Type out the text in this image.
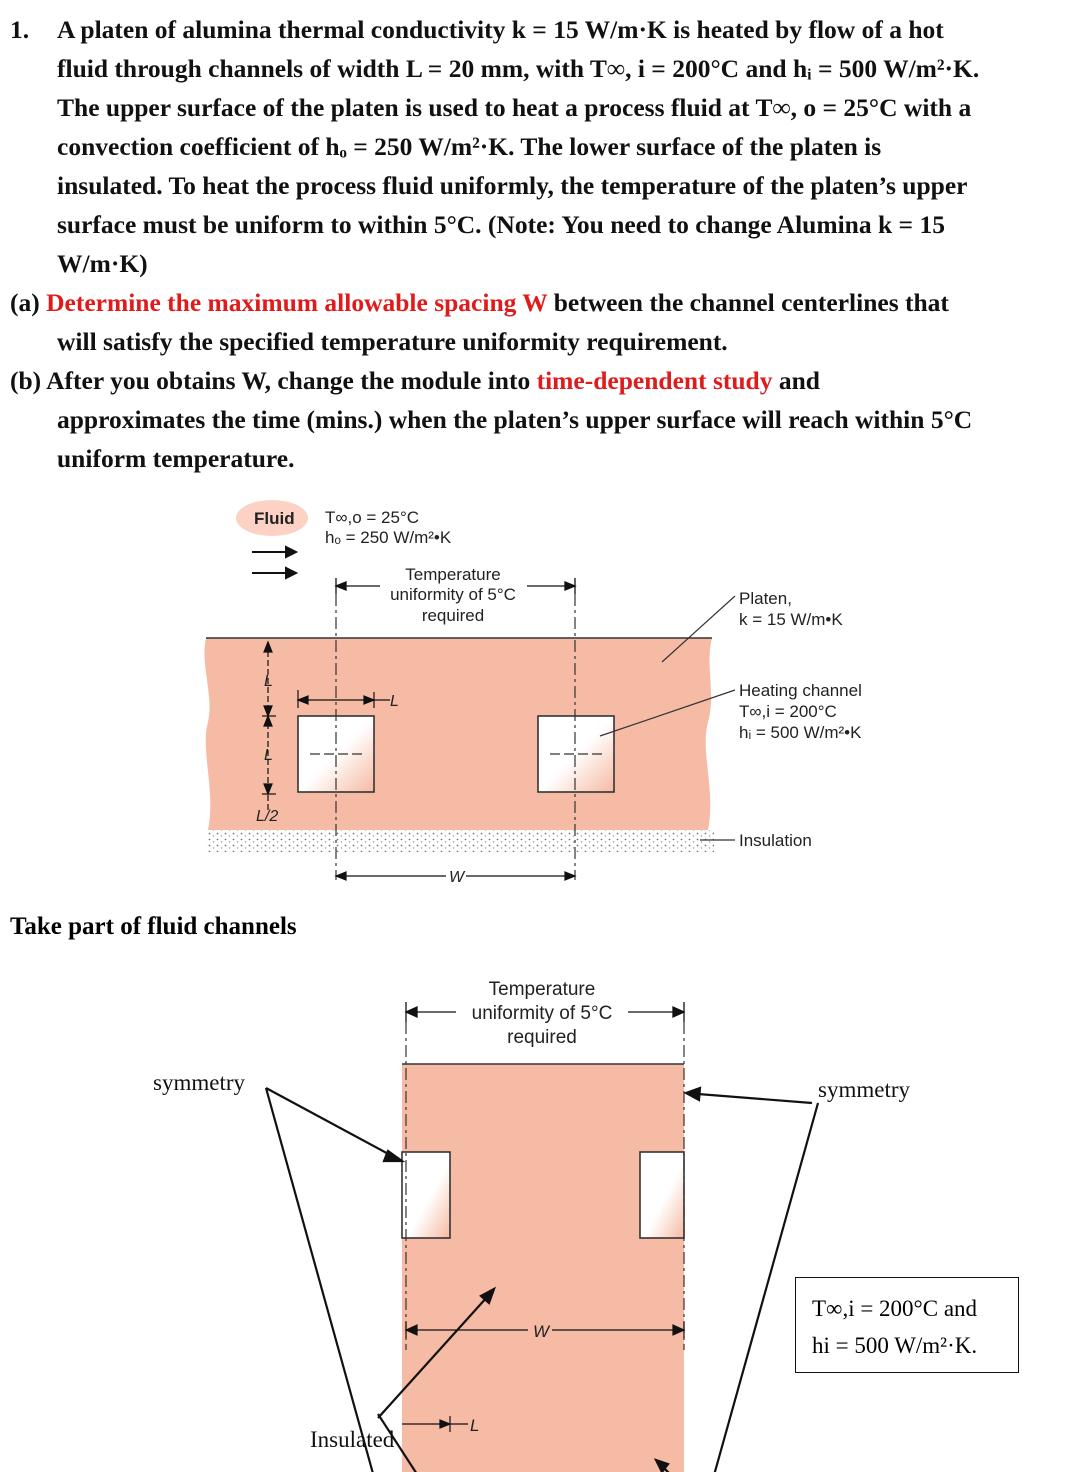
1. A platen of alumina thermal conductivity k = 15 W/m·K is heated by flow of a hot
fluid through channels of width L = 20 mm, with T∞, i = 200°C and hᵢ = 500 W/m²·K.
The upper surface of the platen is used to heat a process fluid at T∞, o = 25°C with a
convection coefficient of hₒ = 250 W/m²·K. The lower surface of the platen is
insulated. To heat the process fluid uniformly, the temperature of the platen’s upper
surface must be uniform to within 5°C. (Note: You need to change Alumina k = 15
W/m·K)
(a) Determine the maximum allowable spacing W between the channel centerlines that
will satisfy the specified temperature uniformity requirement.
(b) After you obtains W, change the module into time-dependent study and
approximates the time (mins.) when the platen’s upper surface will reach within 5°C
uniform temperature.
Fluid T∞,o = 25°C
hₒ = 250 W/m²•K
Temperature
uniformity of 5°C
required
L
L
L/2
L
W
Platen,
k = 15 W/m•K
Heating channel
T∞,i = 200°C
hᵢ = 500 W/m²•K
Insulation
Take part of fluid channels
L
Temperature
uniformity of 5°C
required
W
symmetry	symmetry
Insulated
T∞,i = 200°C and
hi = 500 W/m²·K.
